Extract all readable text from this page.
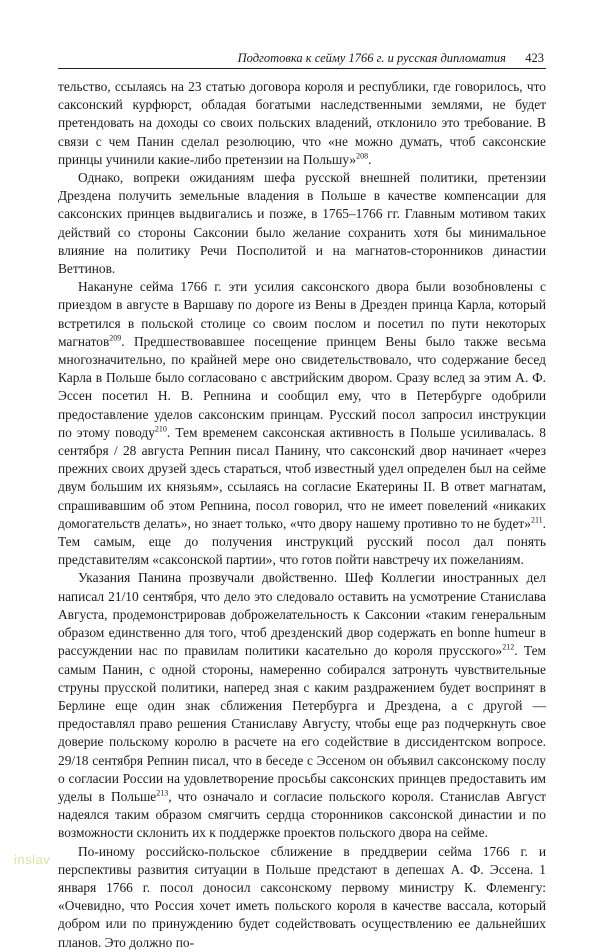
Подготовка к сейму 1766 г. и русская дипломатия 423

тельство, ссылаясь на 23 статью договора короля и республики, где говорилось, что саксонский курфюрст, обладая богатыми наследственными землями, не будет претендовать на доходы со своих польских владений, отклонило это требование. В связи с чем Панин сделал резолюцию, что «не можно думать, чтоб саксонские принцы учинили какие-либо претензии на Польшу»$^{208}$.

Однако, вопреки ожиданиям шефа русской внешней политики, претензии Дрездена получить земельные владения в Польше в качестве компенсации для саксонских принцев выдвигались и позже, в 1765–1766 гг. Главным мотивом таких действий со стороны Саксонии было желание сохранить хотя бы минимальное влияние на политику Речи Посполитой и на магнатов-сторонников династии Веттинов.

Накануне сейма 1766 г. эти усилия саксонского двора были возобновлены с приездом в августе в Варшаву по дороге из Вены в Дрезден принца Карла, который встретился в польской столице со своим послом и посетил по пути некоторых магнатов$^{209}$. Предшествовавшее посещение принцем Вены было также весьма многозначительно, по крайней мере оно свидетельствовало, что содержание бесед Карла в Польше было согласовано с австрийским двором. Сразу вслед за этим А. Ф. Эссен посетил Н. В. Репнина и сообщил ему, что в Петербурге одобрили предоставление уделов саксонским принцам. Русский посол запросил инструкции по этому поводу$^{210}$. Тем временем саксонская активность в Польше усиливалась. 8 сентября / 28 августа Репнин писал Панину, что саксонский двор начинает «через прежних своих друзей здесь стараться, чтоб известный удел определен был на сейме двум большим их князьям», ссылаясь на согласие Екатерины II. В ответ магнатам, спрашивавшим об этом Репнина, посол говорил, что не имеет повелений «никаких домогательств делать», но знает только, «что двору нашему противно то не будет»$^{211}$. Тем самым, еще до получения инструкций русский посол дал понять представителям «саксонской партии», что готов пойти навстречу их пожеланиям.

Указания Панина прозвучали двойственно. Шеф Коллегии иностранных дел написал 21/10 сентября, что дело это следовало оставить на усмотрение Станислава Августа, продемонстрировав доброжелательность к Саксонии «таким генеральным образом единственно для того, чтоб дрезденский двор содержать en bonne humeur в рассуждении нас по правилам политики касательно до короля прусского»$^{212}$. Тем самым Панин, с одной стороны, намеренно собирался затронуть чувствительные струны прусской политики, наперед зная с каким раздражением будет воспринят в Берлине еще один знак сближения Петербурга и Дрездена, а с другой — предоставлял право решения Станиславу Августу, чтобы еще раз подчеркнуть свое доверие польскому королю в расчете на его содействие в диссидентском вопросе. 29/18 сентября Репнин писал, что в беседе с Эссеном он объявил саксонскому послу о согласии России на удовлетворение просьбы саксонских принцев предоставить им уделы в Польше$^{213}$, что означало и согласие польского короля. Станислав Август надеялся таким образом смягчить сердца сторонников саксонской династии и по возможности склонить их к поддержке проектов польского двора на сейме.

По-иному российско-польское сближение в преддверии сейма 1766 г. и перспективы развития ситуации в Польше предстают в депешах А. Ф. Эссена. 1 января 1766 г. посол доносил саксонскому первому министру К. Флеменгу: «Очевидно, что Россия хочет иметь польского короля в качестве вассала, который добром или по принуждению будет содействовать осуществлению ее дальнейших планов. Это должно по-

inslav
